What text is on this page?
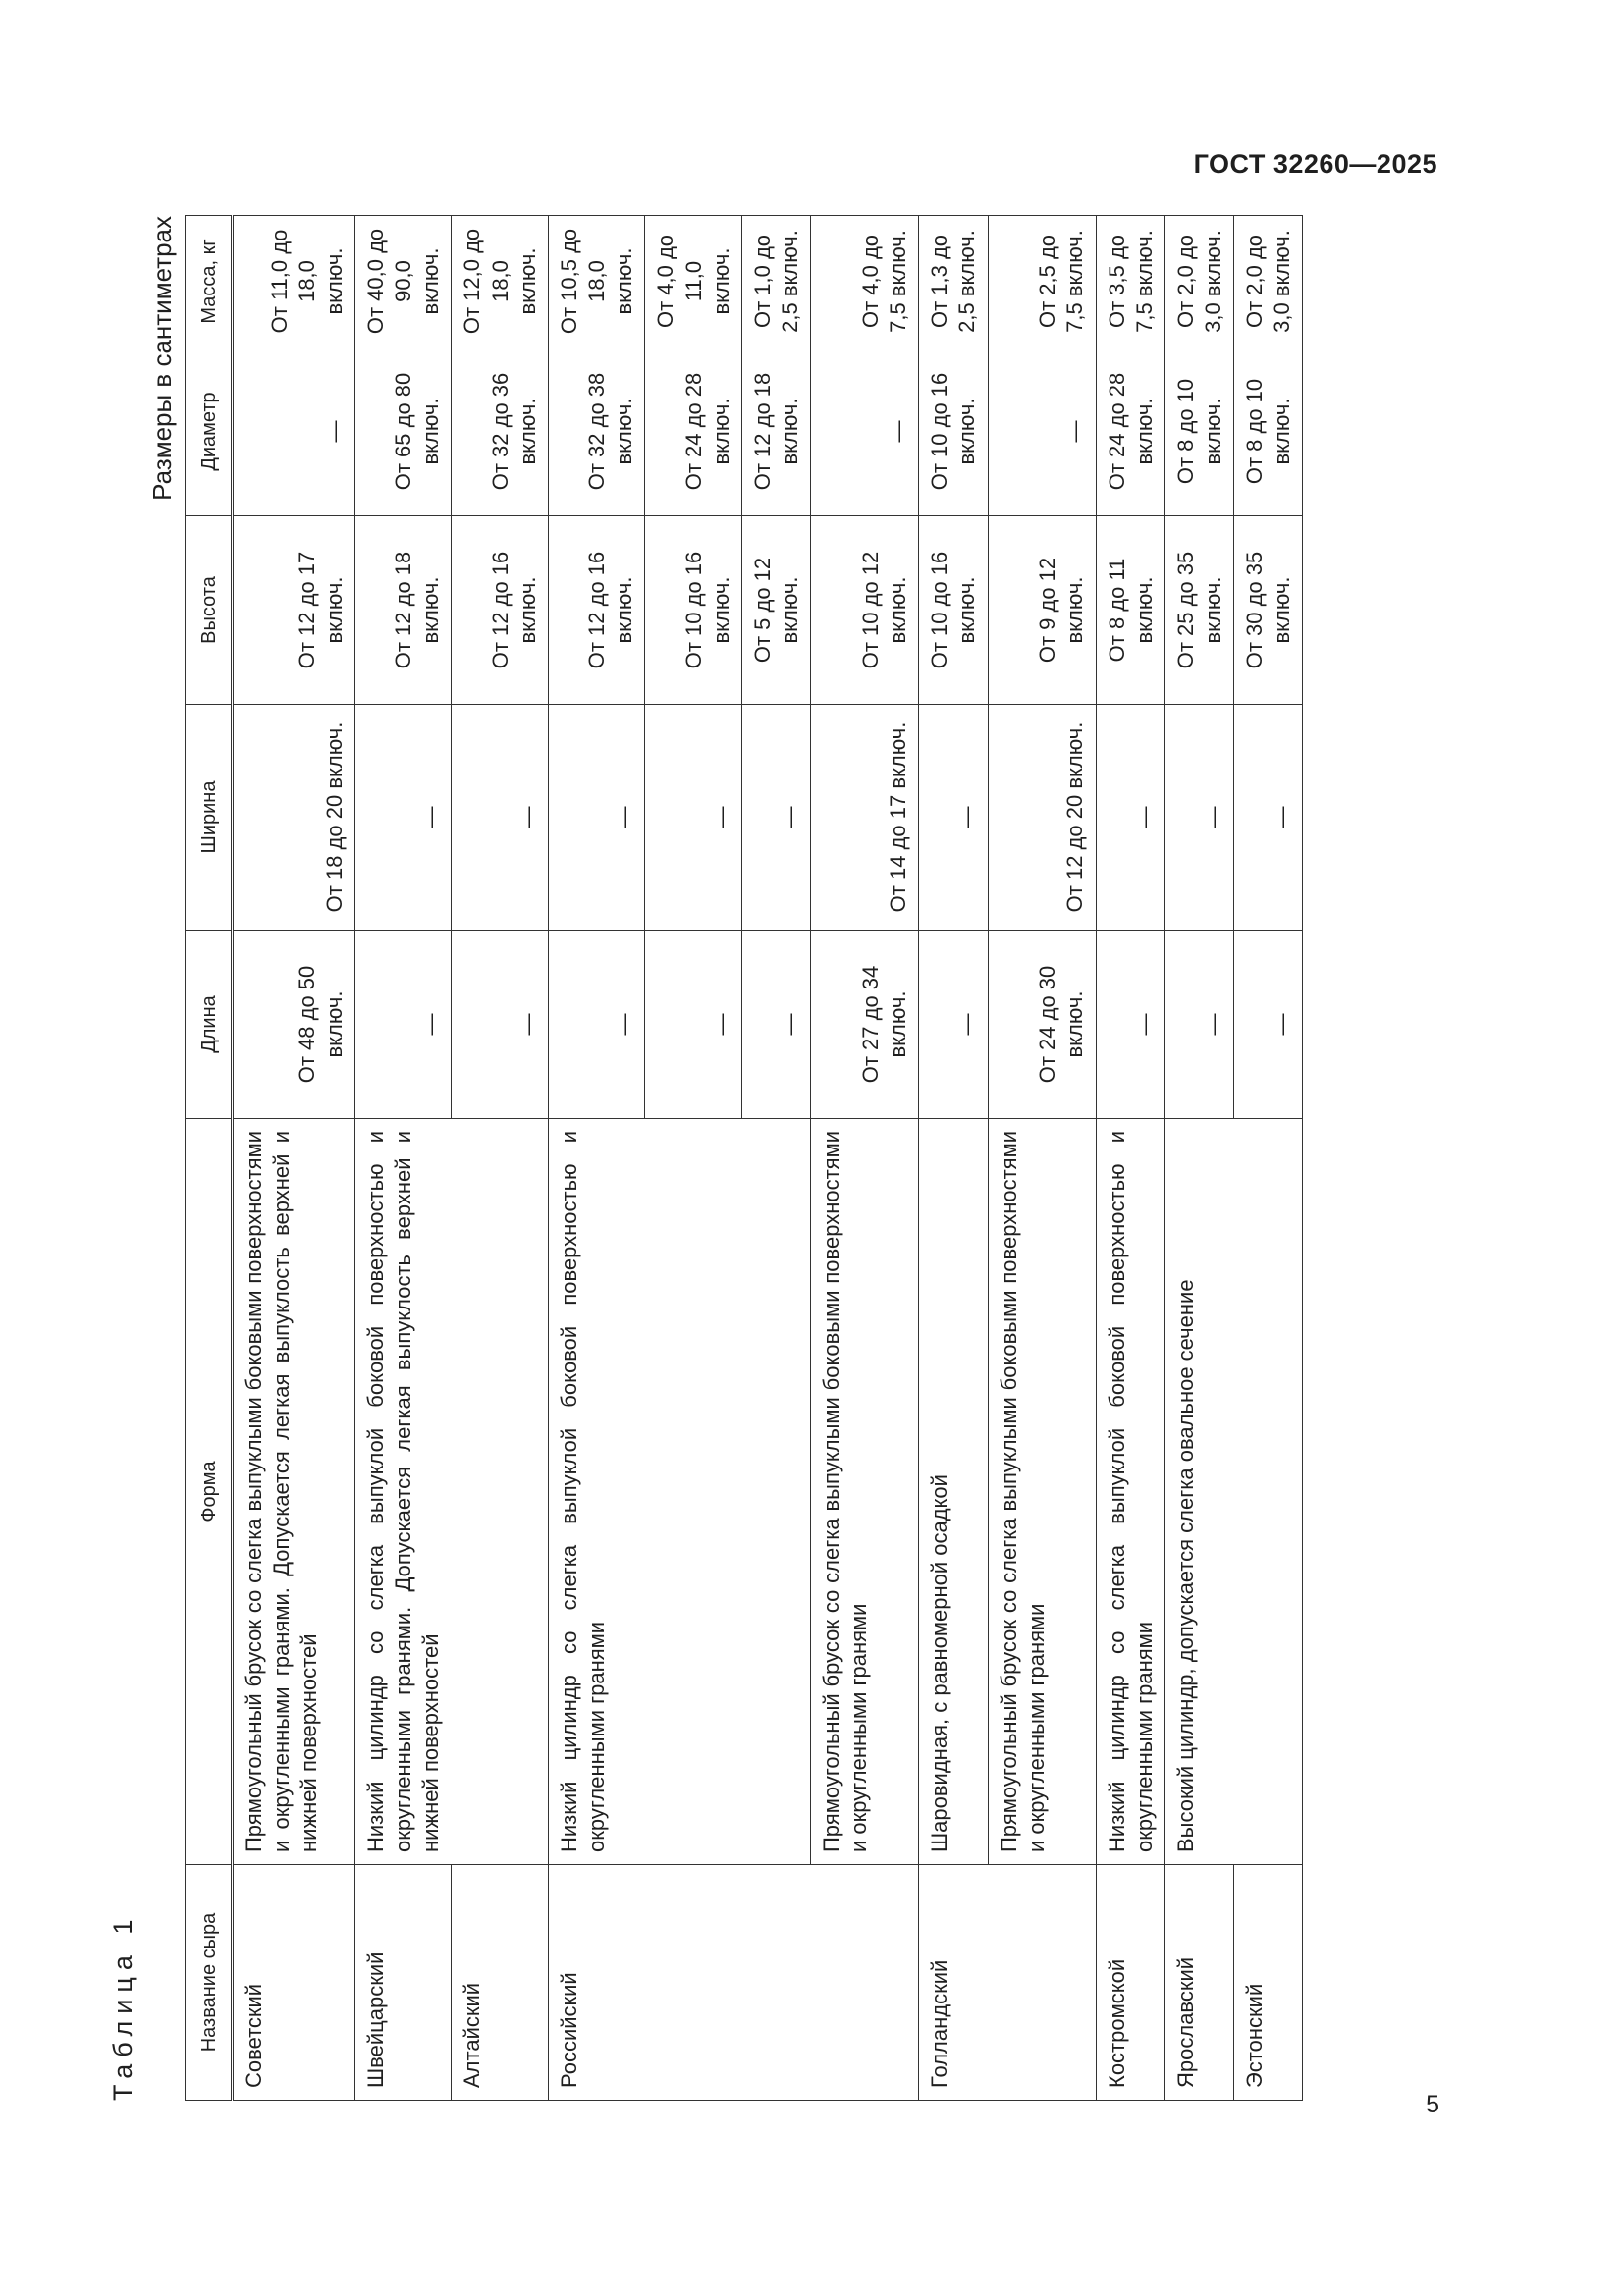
ГОСТ 32260—2025
Таблица 1
Размеры в сантиметрах
Название сыра	Форма	Длина	Ширина	Высота	Диаметр	Масса, кг
Советский	Прямоугольный брусок со слегка выпуклыми боковыми поверхностями и округленными гранями. Допускается легкая выпуклость верхней и нижней поверхностей	От 48 до 50 включ.	От 18 до 20 включ.	От 12 до 17 включ.	—	От 11,0 до 18,0 включ.
Швейцарский	Низкий цилиндр со слегка выпуклой боковой поверхностью и округленными гранями. Допускается легкая выпуклость верхней и нижней поверхностей	—	—	От 12 до 18 включ.	От 65 до 80 включ.	От 40,0 до 90,0 включ.
Алтайский		—	—	От 12 до 16 включ.	От 32 до 36 включ.	От 12,0 до 18,0 включ.
Российский	Низкий цилиндр со слегка выпуклой боковой поверхностью и округленными гранями	—	—	От 12 до 16 включ.	От 32 до 38 включ.	От 10,5 до 18,0 включ.
		—	—	От 10 до 16 включ.	От 24 до 28 включ.	От 4,0 до 11,0 включ.
		—	—	От 5 до 12 включ.	От 12 до 18 включ.	От 1,0 до 2,5 включ.
	Прямоугольный брусок со слегка выпуклыми боковыми поверхностями и округленными гранями	От 27 до 34 включ.	От 14 до 17 включ.	От 10 до 12 включ.	—	От 4,0 до 7,5 включ.
Голландский	Шаровидная, с равномерной осадкой	—	—	От 10 до 16 включ.	От 10 до 16 включ.	От 1,3 до 2,5 включ.
	Прямоугольный брусок со слегка выпуклыми боковыми поверхностями и округленными гранями	От 24 до 30 включ.	От 12 до 20 включ.	От 9 до 12 включ.	—	От 2,5 до 7,5 включ.
Костромской	Низкий цилиндр со слегка выпуклой боковой поверхностью и округленными гранями	—	—	От 8 до 11 включ.	От 24 до 28 включ.	От 3,5 до 7,5 включ.
Ярославский	Высокий цилиндр, допускается слегка овальное сечение	—	—	От 25 до 35 включ.	От 8 до 10 включ.	От 2,0 до 3,0 включ.
Эстонский		—	—	От 30 до 35 включ.	От 8 до 10 включ.	От 2,0 до 3,0 включ.
5
